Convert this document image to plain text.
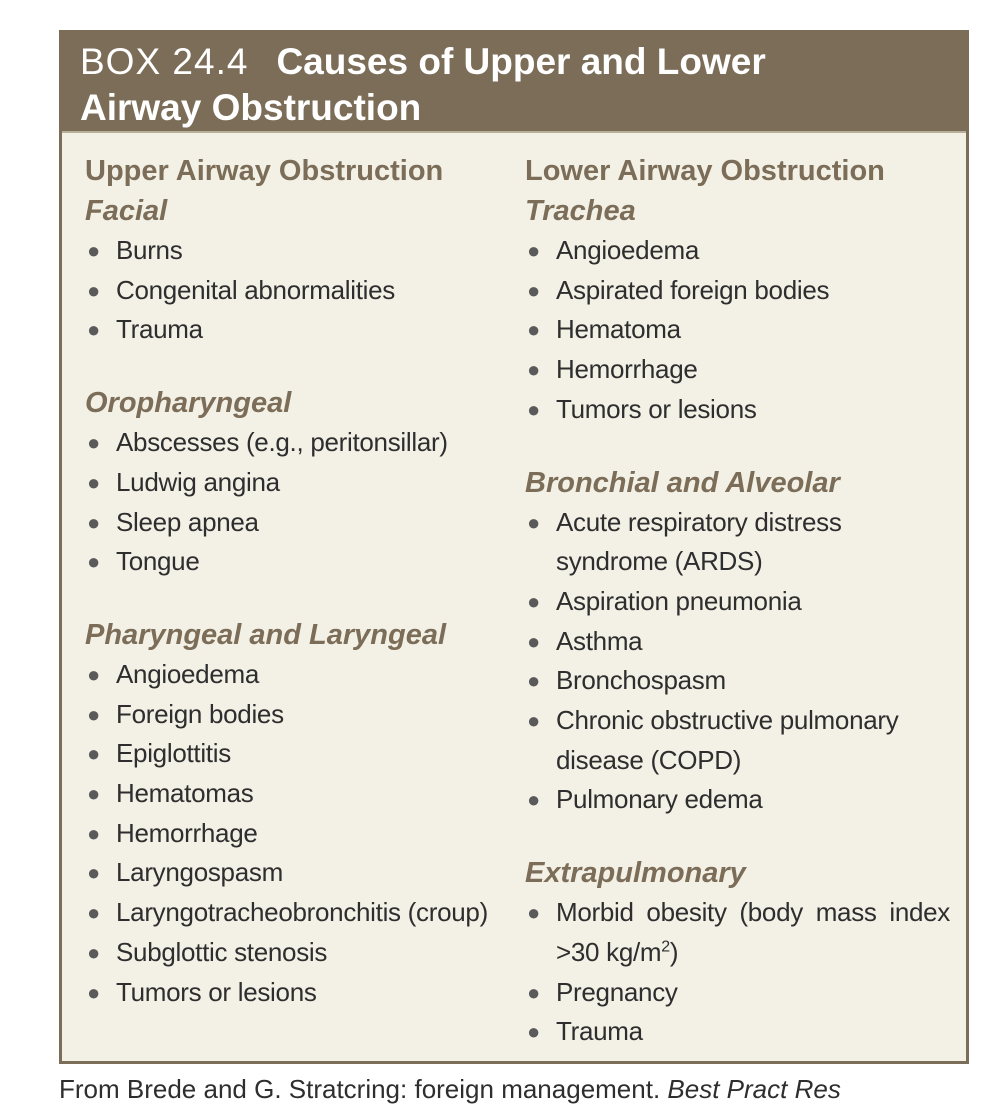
BOX 24.4 Causes of Upper and Lower
Airway Obstruction
Upper Airway Obstruction
Facial
● Burns
● Congenital abnormalities
● Trauma
Oropharyngeal
● Abscesses (e.g., peritonsillar)
● Ludwig angina
● Sleep apnea
● Tongue
Pharyngeal and Laryngeal
● Angioedema
● Foreign bodies
● Epiglottitis
● Hematomas
● Hemorrhage
● Laryngospasm
● Laryngotracheobronchitis (croup)
● Subglottic stenosis
● Tumors or lesions
Lower Airway Obstruction
Trachea
● Angioedema
● Aspirated foreign bodies
● Hematoma
● Hemorrhage
● Tumors or lesions
Bronchial and Alveolar
● Acute respiratory distress syndrome (ARDS)
● Aspiration pneumonia
● Asthma
● Bronchospasm
● Chronic obstructive pulmonary disease (COPD)
● Pulmonary edema
Extrapulmonary
● Morbid obesity (body mass index
>30 $kg/m^2$)
● Pregnancy
● Trauma
From Brede and G. Stratcring: foreign management. Best Pract Res
